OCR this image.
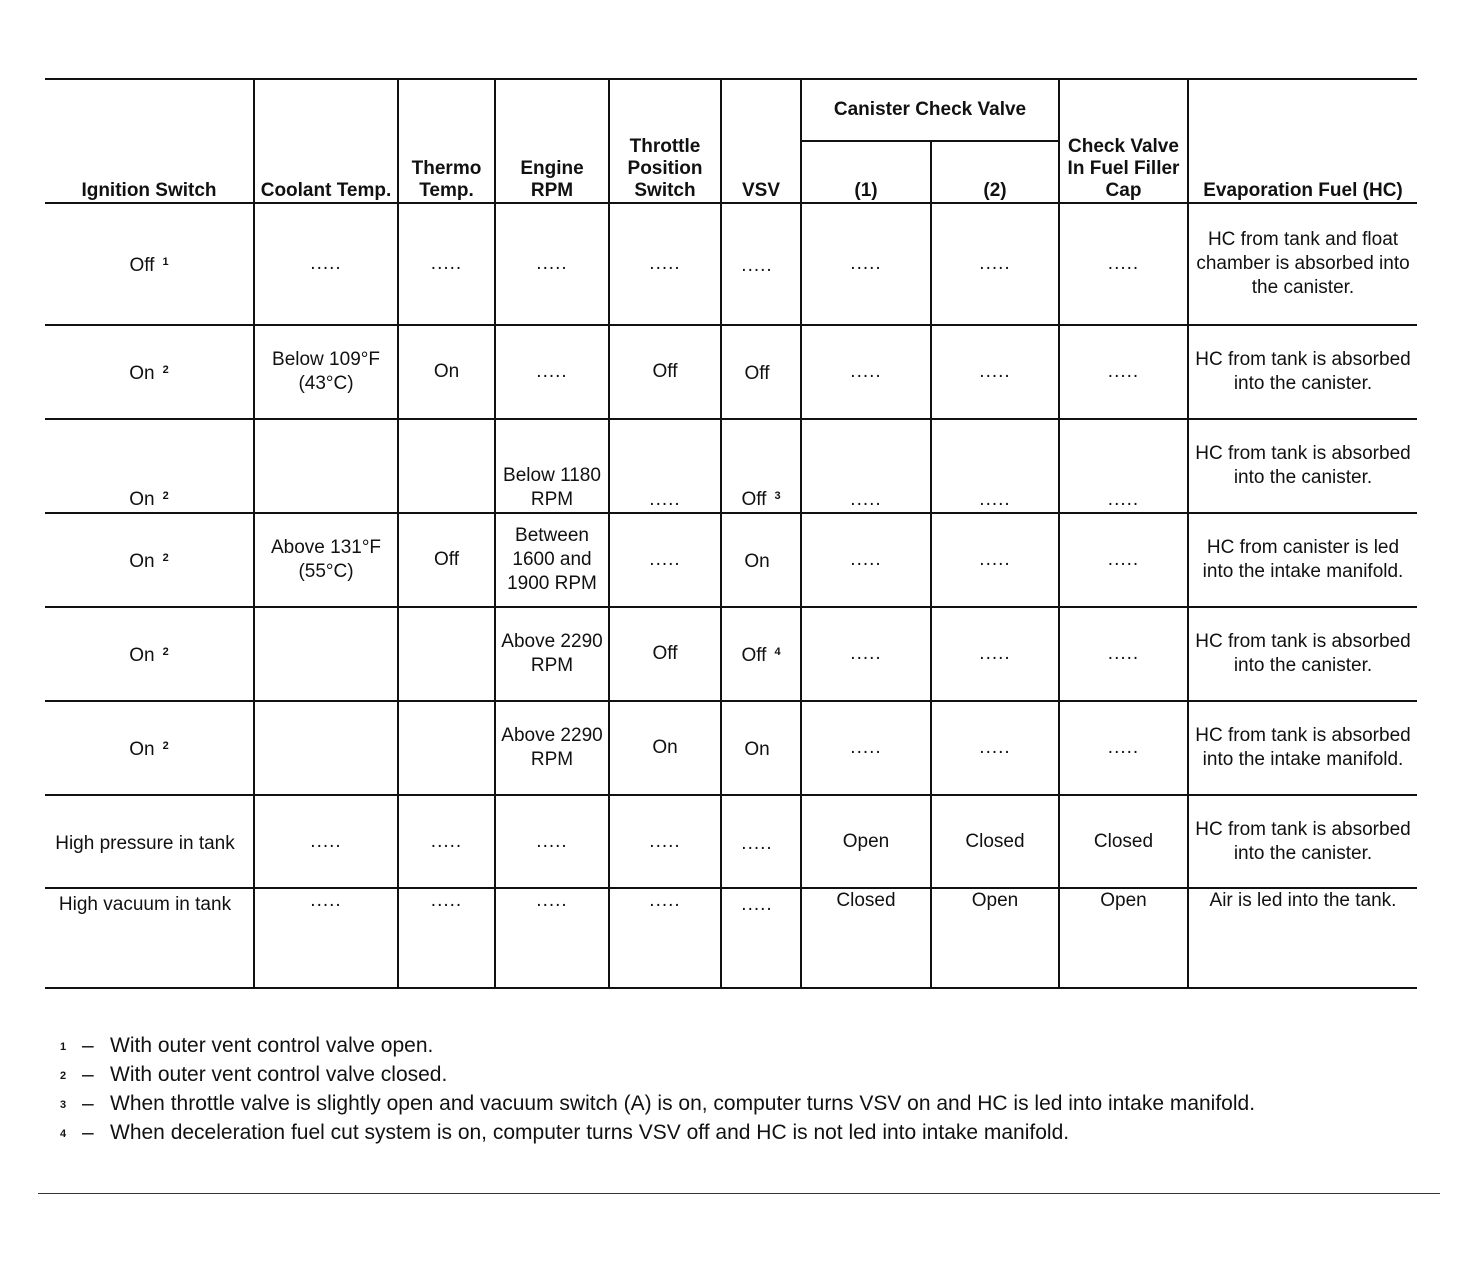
Ignition Switch	Coolant Temp.	Thermo Temp.	Engine RPM	Throttle Position Switch	VSV	Canister Check Valve		Check Valve In Fuel Filler Cap	Evaporation Fuel (HC)
						(1)	(2)		
Off $^1$	.....	.....	.....	.....	.....	.....	.....	.....	HC from tank and float chamber is absorbed into the canister.
On $^2$	Below 109°F (43°C)	On	.....	Off	Off	.....	.....	.....	HC from tank is absorbed into the canister.
On $^2$			Below 1180 RPM	.....	Off $^3$	.....	.....	.....	HC from tank is absorbed into the canister.
On $^2$	Above 131°F (55°C)	Off	Between 1600 and 1900 RPM	.....	On	.....	.....	.....	HC from canister is led into the intake manifold.
On $^2$			Above 2290 RPM	Off	Off $^4$	.....	.....	.....	HC from tank is absorbed into the canister.
On $^2$			Above 2290 RPM	On	On	.....	.....	.....	HC from tank is absorbed into the intake manifold.
High pressure in tank	.....	.....	.....	.....	.....	Open	Closed	Closed	HC from tank is absorbed into the canister.
High vacuum in tank	.....	.....	.....	.....	.....	Closed	Open	Open	Air is led into the tank.
1 – With outer vent control valve open.
2 – With outer vent control valve closed.
3 – When throttle valve is slightly open and vacuum switch (A) is on, computer turns VSV on and HC is led into intake manifold.
4 – When deceleration fuel cut system is on, computer turns VSV off and HC is not led into intake manifold.
